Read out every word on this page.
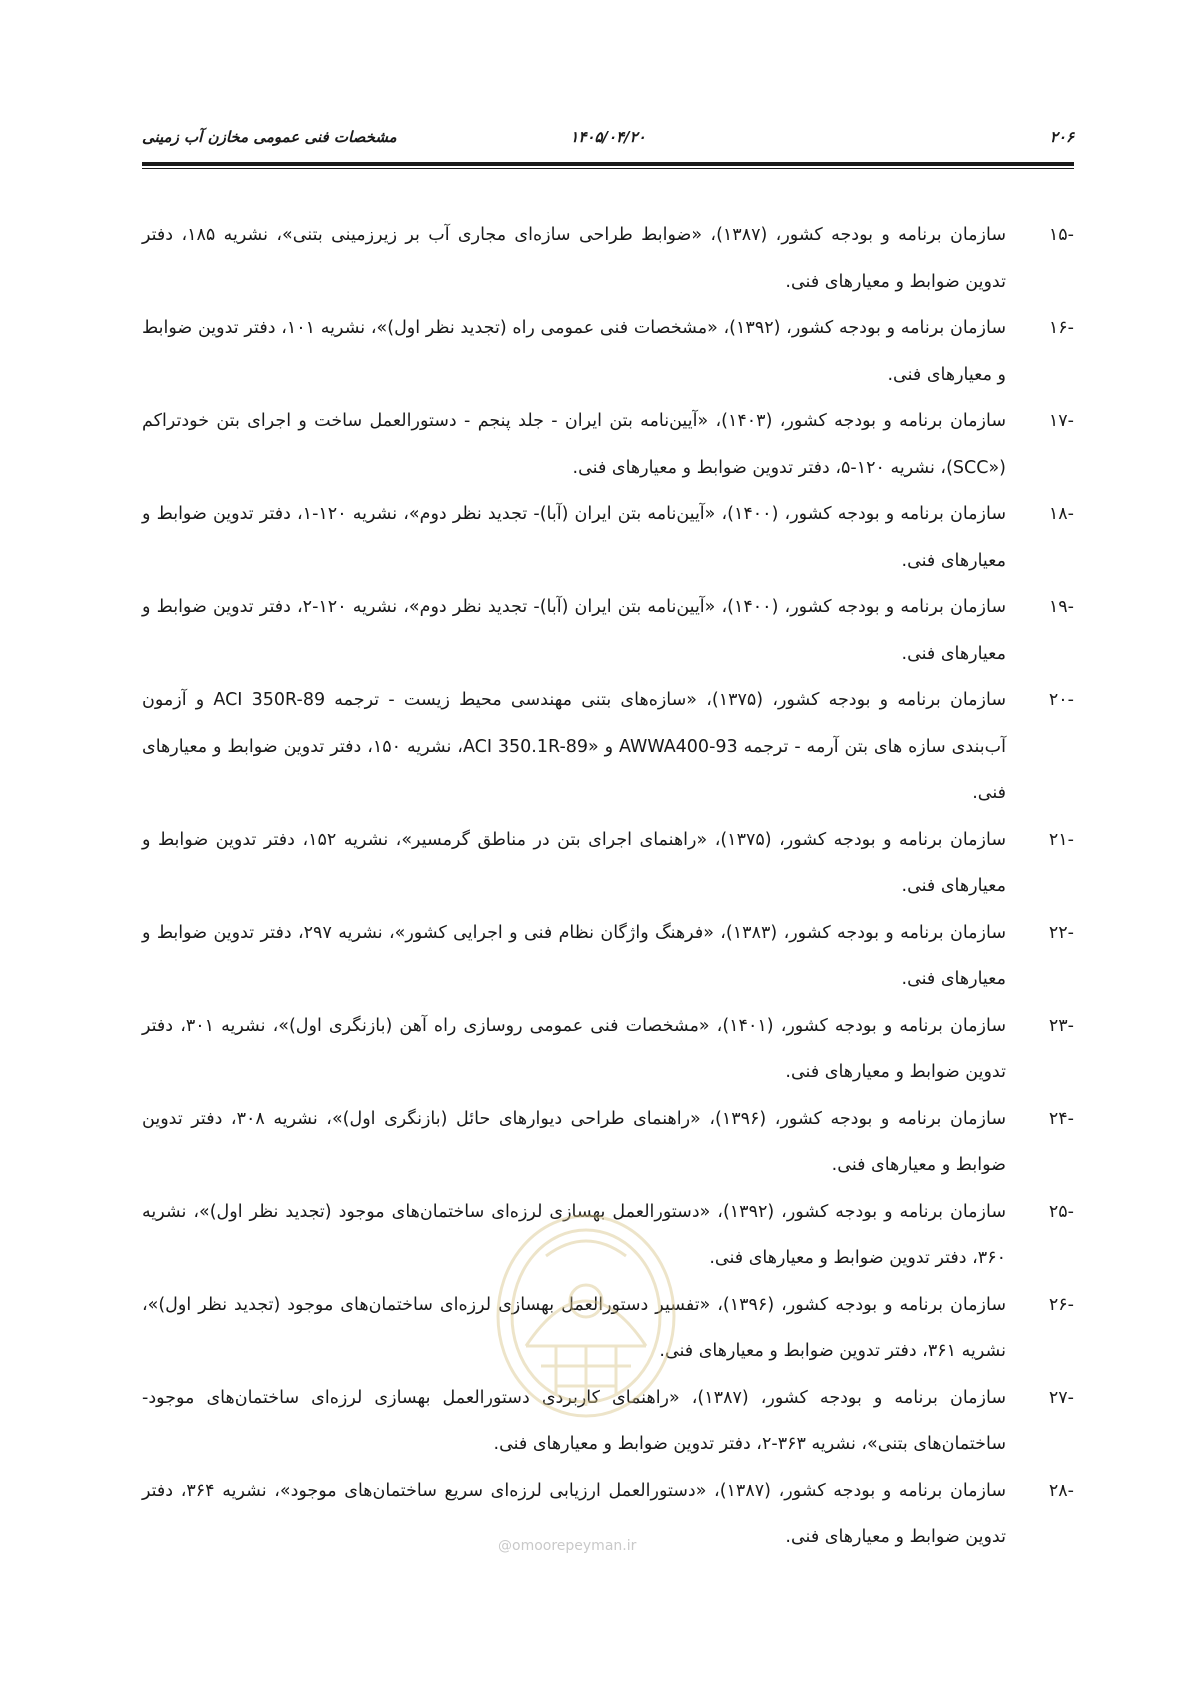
۲۰۶
۱۴۰۵/۰۴/۲۰
مشخصات فنی عمومی مخازن آب زمینی
-۱۵
سازمان برنامه و بودجه کشور، (۱۳۸۷)، «ضوابط طراحی سازه‌ای مجاری آب بر زیرزمینی بتنی»، نشریه ۱۸۵، دفتر تدوین ضوابط و معیارهای فنی.
-۱۶
سازمان برنامه و بودجه کشور، (۱۳۹۲)، «مشخصات فنی عمومی راه (تجدید نظر اول)»، نشریه ۱۰۱، دفتر تدوین ضوابط و معیارهای فنی.
-۱۷
سازمان برنامه و بودجه کشور، (۱۴۰۳)، «آیین‌نامه بتن ایران - جلد پنجم - دستورالعمل ساخت و اجرای بتن خودتراکم («SCC)، نشریه ۱۲۰-۵، دفتر تدوین ضوابط و معیارهای فنی.
-۱۸
سازمان برنامه و بودجه کشور، (۱۴۰۰)، «آیین‌نامه بتن ایران (آبا)- تجدید نظر دوم»، نشریه ۱۲۰-۱، دفتر تدوین ضوابط و معیارهای فنی.
-۱۹
سازمان برنامه و بودجه کشور، (۱۴۰۰)، «آیین‌نامه بتن ایران (آبا)- تجدید نظر دوم»، نشریه ۱۲۰-۲، دفتر تدوین ضوابط و معیارهای فنی.
-۲۰
سازمان برنامه و بودجه کشور، (۱۳۷۵)، «سازه‌های بتنی مهندسی محیط زیست - ترجمه ACI 350R-89 و آزمون آب‌بندی سازه های بتن آرمه - ترجمه AWWA400-93 و «ACI 350.1R-89، نشریه ۱۵۰، دفتر تدوین ضوابط و معیارهای فنی.
-۲۱
سازمان برنامه و بودجه کشور، (۱۳۷۵)، «راهنمای اجرای بتن در مناطق گرمسیر»، نشریه ۱۵۲، دفتر تدوین ضوابط و معیارهای فنی.
-۲۲
سازمان برنامه و بودجه کشور، (۱۳۸۳)، «فرهنگ واژگان نظام فنی و اجرایی کشور»، نشریه ۲۹۷، دفتر تدوین ضوابط و معیارهای فنی.
-۲۳
سازمان برنامه و بودجه کشور، (۱۴۰۱)، «مشخصات فنی عمومی روسازی راه آهن (بازنگری اول)»، نشریه ۳۰۱، دفتر تدوین ضوابط و معیارهای فنی.
-۲۴
سازمان برنامه و بودجه کشور، (۱۳۹۶)، «راهنمای طراحی دیوارهای حائل (بازنگری اول)»، نشریه ۳۰۸، دفتر تدوین ضوابط و معیارهای فنی.
-۲۵
سازمان برنامه و بودجه کشور، (۱۳۹۲)، «دستورالعمل بهسازی لرزه‌ای ساختمان‌های موجود (تجدید نظر اول)»، نشریه ۳۶۰، دفتر تدوین ضوابط و معیارهای فنی.
-۲۶
سازمان برنامه و بودجه کشور، (۱۳۹۶)، «تفسیر دستورالعمل بهسازی لرزه‌ای ساختمان‌های موجود (تجدید نظر اول)»، نشریه ۳۶۱، دفتر تدوین ضوابط و معیارهای فنی.
-۲۷
سازمان برنامه و بودجه کشور، (۱۳۸۷)، «راهنمای کاربردی دستورالعمل بهسازی لرزه‌ای ساختمان‌های موجود- ساختمان‌های بتنی»، نشریه ۳۶۳-۲، دفتر تدوین ضوابط و معیارهای فنی.
-۲۸
سازمان برنامه و بودجه کشور، (۱۳۸۷)، «دستورالعمل ارزیابی لرزه‌ای سریع ساختمان‌های موجود»، نشریه ۳۶۴، دفتر تدوین ضوابط و معیارهای فنی.
@omoorepeyman.ir
